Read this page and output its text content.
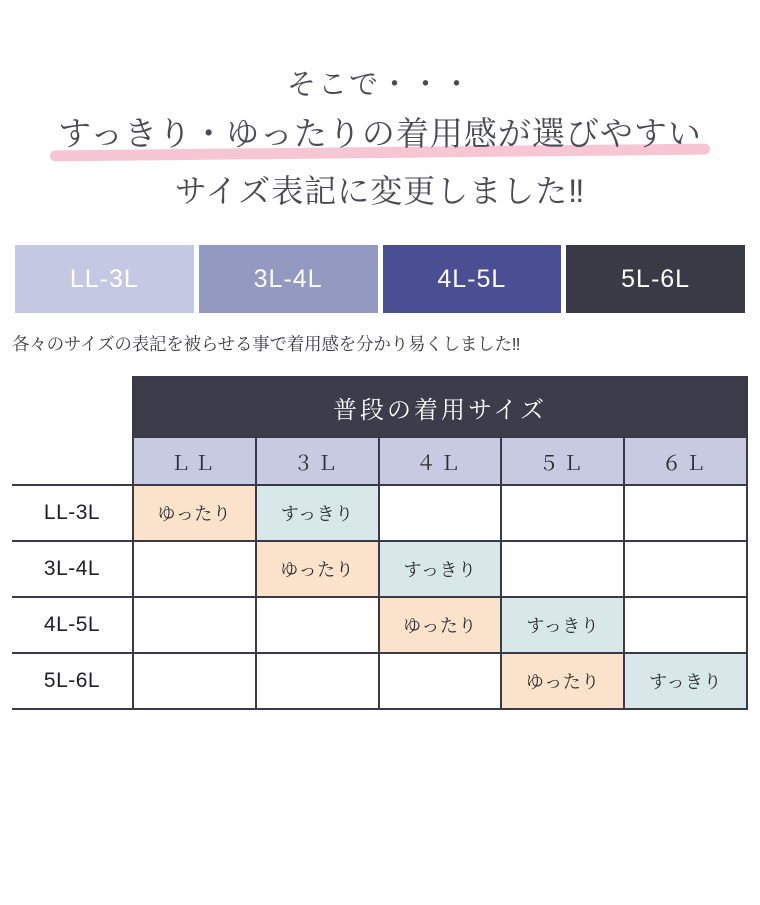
そこで・・・
すっきり・ゆったりの着用感が選びやすい
サイズ表記に変更しました‼
LL-3L	3L-4L	4L-5L	5L-6L
各々のサイズの表記を被らせる事で着用感を分かり易くしました‼
	普段の着用サイズ				
	ＬＬ	３Ｌ	４Ｌ	５Ｌ	６Ｌ
LL-3L	ゆったり	すっきり			
3L-4L		ゆったり	すっきり		
4L-5L			ゆったり	すっきり	
5L-6L				ゆったり	すっきり
